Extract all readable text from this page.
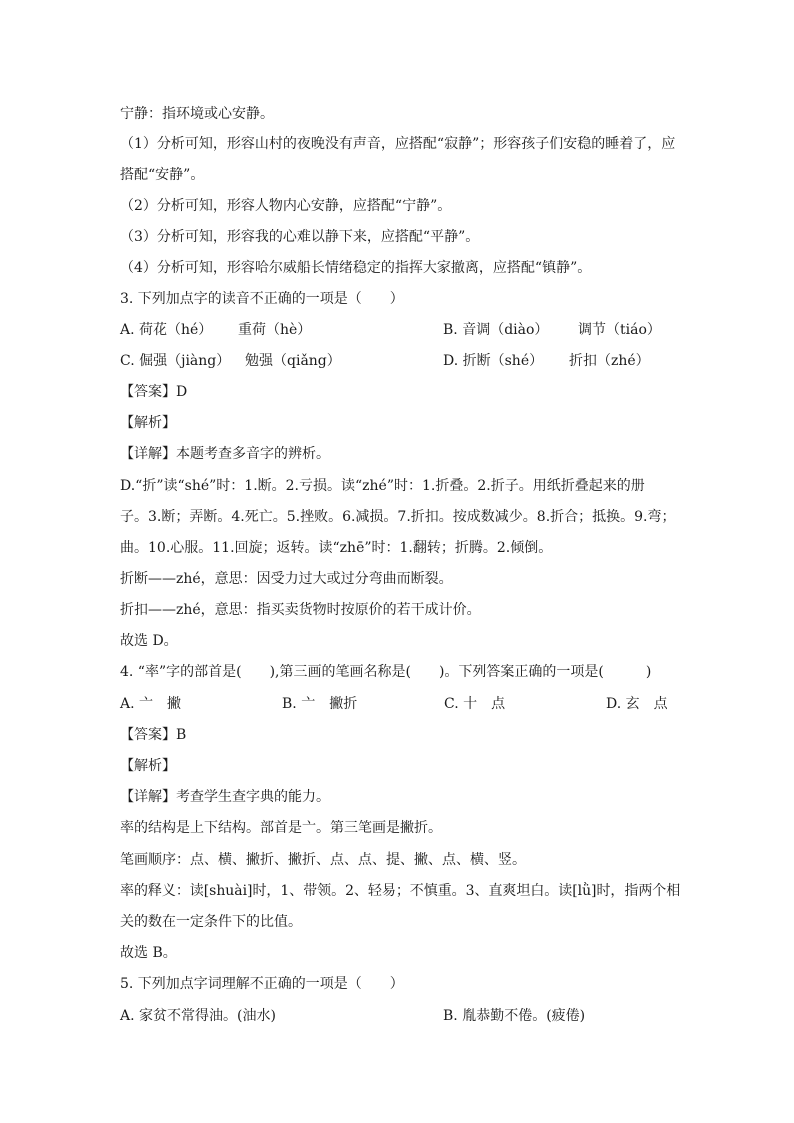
宁静：指环境或心安静。
（1）分析可知，形容山村的夜晚没有声音，应搭配“寂静”；形容孩子们安稳的睡着了，应
搭配“安静”。
（2）分析可知，形容人物内心安静，应搭配“宁静”。
（3）分析可知，形容我的心难以静下来，应搭配“平静”。
（4）分析可知，形容哈尔威船长情绪稳定的指挥大家撤离，应搭配“镇静”。
3. 下列加点字的读音不正确的一项是（　　）
A. 荷花（hé） 重荷（hè）	B. 音调（diào） 调节（tiáo）
C. 倔强（jiàng） 勉强（qiǎng）	D. 折断（shé） 折扣（zhé）
【答案】D
【解析】
【详解】本题考查多音字的辨析。
D.“折”读“shé”时：1.断。2.亏损。读“zhé”时：1.折叠。2.折子。用纸折叠起来的册
子。3.断；弄断。4.死亡。5.挫败。6.减损。7.折扣。按成数减少。8.折合；抵换。9.弯；
曲。10.心服。11.回旋；返转。读“zhē”时：1.翻转；折腾。2.倾倒。
折断——zhé，意思：因受力过大或过分弯曲而断裂。
折扣——zhé，意思：指买卖货物时按原价的若干成计价。
故选 D。
4. “率”字的部首是(　　),第三画的笔画名称是(　　)。下列答案正确的一项是(　　　)
A. 亠　撇	B. 亠　撇折	C. 十　点	D. 玄　点
【答案】B
【解析】
【详解】考查学生查字典的能力。
率的结构是上下结构。部首是亠。第三笔画是撇折。
笔画顺序：点、横、撇折、撇折、点、点、提、撇、点、横、竖。
率的释义：读[shuài]时，1、带领。2、轻易；不慎重。3、直爽坦白。读[lǜ]时，指两个相
关的数在一定条件下的比值。
故选 B。
5. 下列加点字词理解不正确的一项是（　　）
A. 家贫不常得油。(油水)	B. 胤恭勤不倦。(疲倦)
